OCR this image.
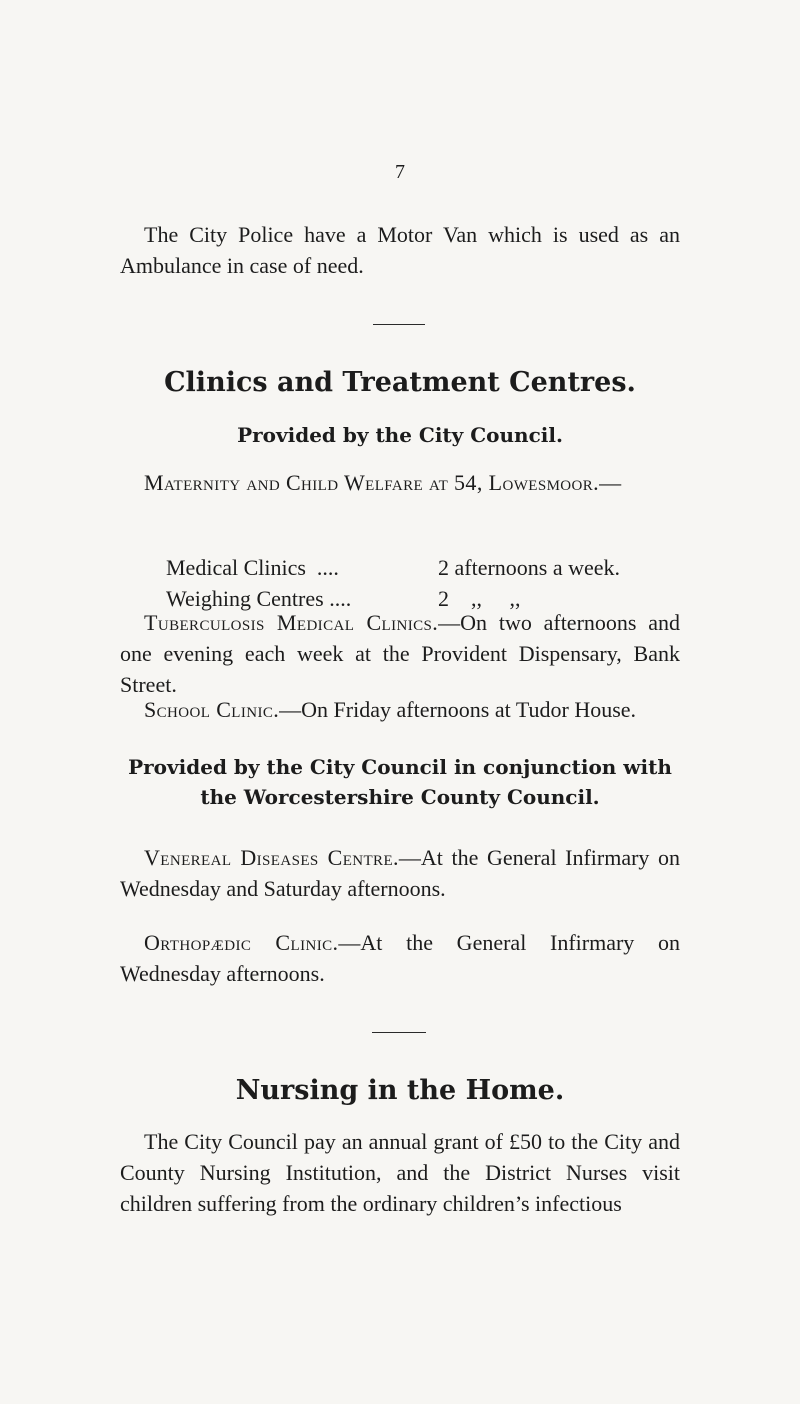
7

The City Police have a Motor Van which is used as an Ambulance in case of need.

Clinics and Treatment Centres.
Provided by the City Council.

Maternity and Child Welfare at 54, Lowesmoor.—

Medical Clinics  ....	2 afternoons a week.

Weighing Centres ....	2    ,,     ,,

Tuberculosis Medical Clinics.—On two afternoons and one evening each week at the Provident Dispensary, Bank Street.

School Clinic.—On Friday afternoons at Tudor House.

Provided by the City Council in conjunction with the Worcestershire County Council.

Venereal Diseases Centre.—At the General Infirmary on Wednesday and Saturday afternoons.

Orthopædic Clinic.—At the General Infirmary on Wednesday afternoons.

Nursing in the Home.

The City Council pay an annual grant of £50 to the City and County Nursing Institution, and the District Nurses visit children suffering from the ordinary children’s infectious
